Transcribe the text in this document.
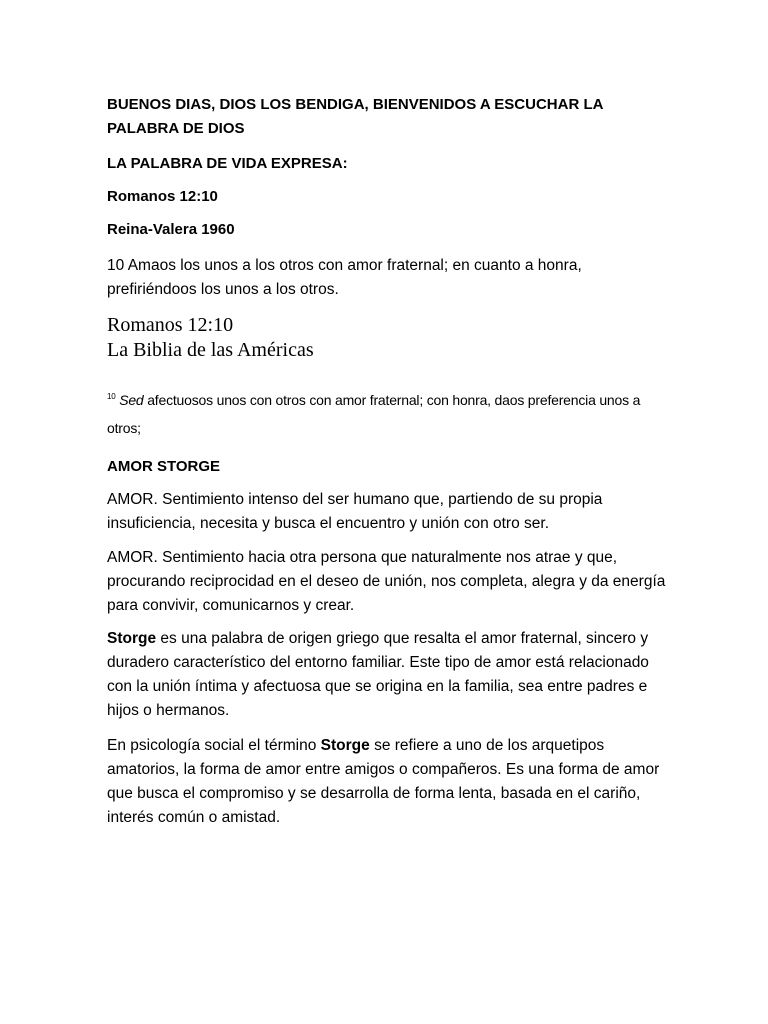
BUENOS DIAS, DIOS LOS BENDIGA, BIENVENIDOS A ESCUCHAR LA PALABRA DE DIOS

LA PALABRA DE VIDA EXPRESA:

Romanos 12:10

Reina-Valera 1960

10 Amaos los unos a los otros con amor fraternal; en cuanto a honra, prefiriéndoos los unos a los otros.

Romanos 12:10
La Biblia de las Américas

$^{10}$ Sed afectuosos unos con otros con amor fraternal; con honra, daos preferencia unos a otros;

AMOR STORGE

AMOR. Sentimiento intenso del ser humano que, partiendo de su propia insuficiencia, necesita y busca el encuentro y unión con otro ser.

AMOR. Sentimiento hacia otra persona que naturalmente nos atrae y que, procurando reciprocidad en el deseo de unión, nos completa, alegra y da energía para convivir, comunicarnos y crear.

Storge es una palabra de origen griego que resalta el amor fraternal, sincero y duradero característico del entorno familiar. Este tipo de amor está relacionado con la unión íntima y afectuosa que se origina en la familia, sea entre padres e hijos o hermanos.

En psicología social el término Storge se refiere a uno de los arquetipos amatorios, la forma de amor entre amigos o compañeros. Es una forma de amor que busca el compromiso y se desarrolla de forma lenta, basada en el cariño, interés común o amistad.
